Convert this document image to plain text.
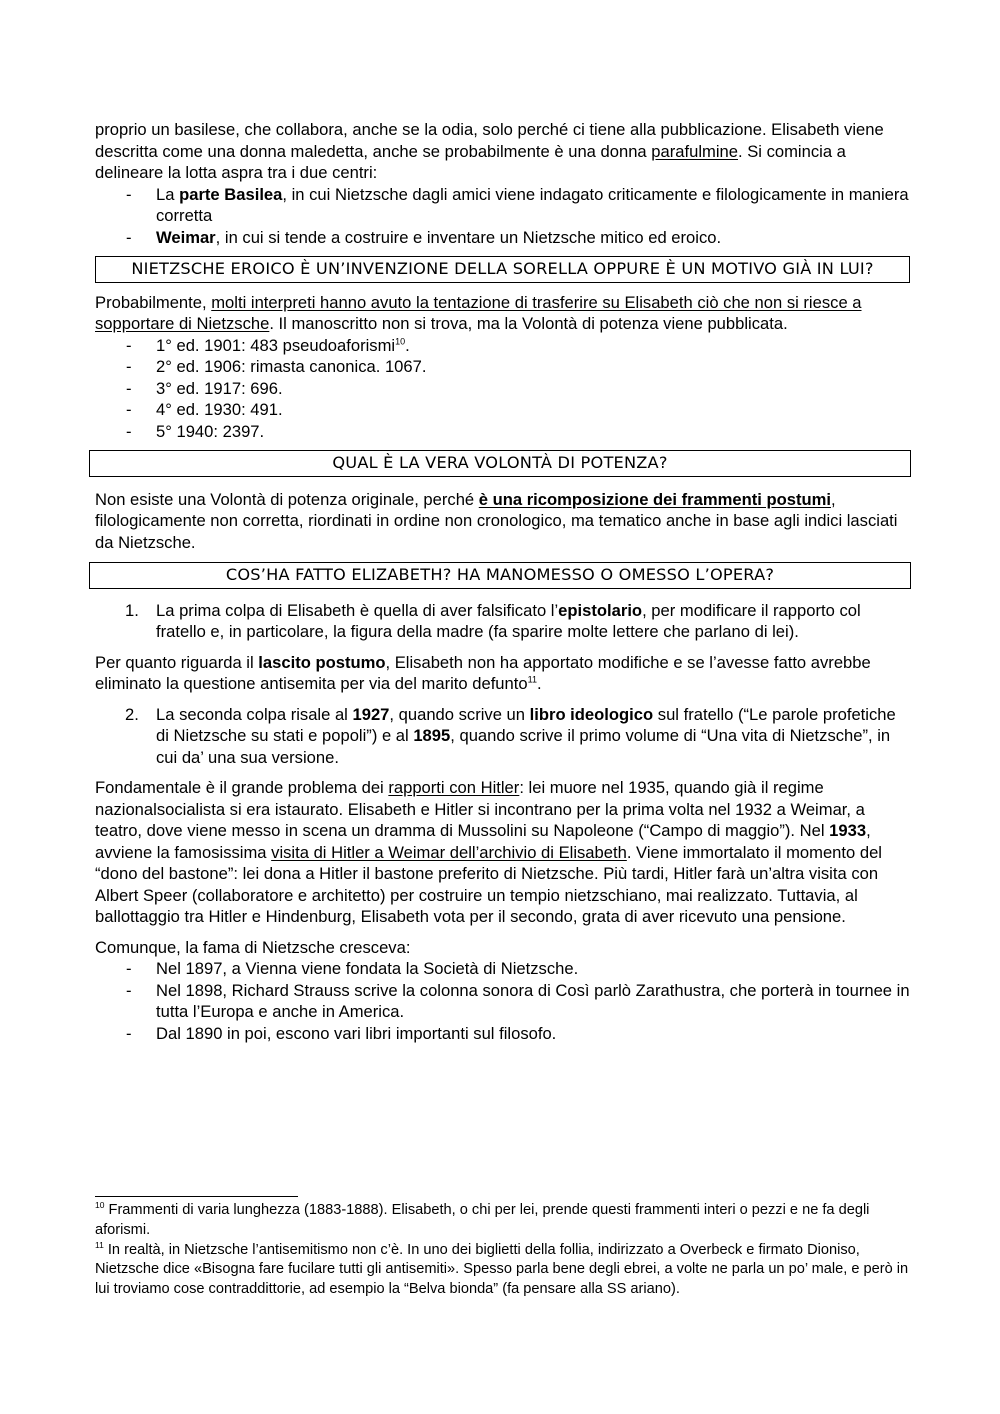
proprio un basilese, che collabora, anche se la odia, solo perché ci tiene alla pubblicazione. Elisabeth viene descritta come una donna maledetta, anche se probabilmente è una donna parafulmine. Si comincia a delineare la lotta aspra tra i due centri:

- La parte Basilea, in cui Nietzsche dagli amici viene indagato criticamente e filologicamente in maniera corretta
- Weimar, in cui si tende a costruire e inventare un Nietzsche mitico ed eroico.
NIETZSCHE EROICO È UN’INVENZIONE DELLA SORELLA OPPURE È UN MOTIVO GIÀ IN LUI?

Probabilmente, molti interpreti hanno avuto la tentazione di trasferire su Elisabeth ciò che non si riesce a sopportare di Nietzsche. Il manoscritto non si trova, ma la Volontà di potenza viene pubblicata.

- 1° ed. 1901: 483 pseudoaforismi$^{10}$.
- 2° ed. 1906: rimasta canonica. 1067.
- 3° ed. 1917: 696.
- 4° ed. 1930: 491.
- 5° 1940: 2397.
QUAL È LA VERA VOLONTÀ DI POTENZA?

Non esiste una Volontà di potenza originale, perché è una ricomposizione dei frammenti postumi, filologicamente non corretta, riordinati in ordine non cronologico, ma tematico anche in base agli indici lasciati da Nietzsche.

COS’HA FATTO ELIZABETH? HA MANOMESSO O OMESSO L’OPERA?
1. La prima colpa di Elisabeth è quella di aver falsificato l’epistolario, per modificare il rapporto col fratello e, in particolare, la figura della madre (fa sparire molte lettere che parlano di lei).

Per quanto riguarda il lascito postumo, Elisabeth non ha apportato modifiche e se l’avesse fatto avrebbe eliminato la questione antisemita per via del marito defunto$^{11}$.

2. La seconda colpa risale al 1927, quando scrive un libro ideologico sul fratello (“Le parole profetiche di Nietzsche su stati e popoli”) e al 1895, quando scrive il primo volume di “Una vita di Nietzsche”, in cui da’ una sua versione.

Fondamentale è il grande problema dei rapporti con Hitler: lei muore nel 1935, quando già il regime nazionalsocialista si era istaurato. Elisabeth e Hitler si incontrano per la prima volta nel 1932 a Weimar, a teatro, dove viene messo in scena un dramma di Mussolini su Napoleone (“Campo di maggio”). Nel 1933, avviene la famosissima visita di Hitler a Weimar dell’archivio di Elisabeth. Viene immortalato il momento del “dono del bastone”: lei dona a Hitler il bastone preferito di Nietzsche. Più tardi, Hitler farà un’altra visita con Albert Speer (collaboratore e architetto) per costruire un tempio nietzschiano, mai realizzato. Tuttavia, al ballottaggio tra Hitler e Hindenburg, Elisabeth vota per il secondo, grata di aver ricevuto una pensione.

Comunque, la fama di Nietzsche cresceva:

- Nel 1897, a Vienna viene fondata la Società di Nietzsche.
- Nel 1898, Richard Strauss scrive la colonna sonora di Così parlò Zarathustra, che porterà in tournee in tutta l’Europa e anche in America.
- Dal 1890 in poi, escono vari libri importanti sul filosofo.

$^{10}$ Frammenti di varia lunghezza (1883-1888). Elisabeth, o chi per lei, prende questi frammenti interi o pezzi e ne fa degli aforismi.

$^{11}$ In realtà, in Nietzsche l’antisemitismo non c’è. In uno dei biglietti della follia, indirizzato a Overbeck e firmato Dioniso, Nietzsche dice «Bisogna fare fucilare tutti gli antisemiti». Spesso parla bene degli ebrei, a volte ne parla un po’ male, e però in lui troviamo cose contraddittorie, ad esempio la “Belva bionda” (fa pensare alla SS ariano).
